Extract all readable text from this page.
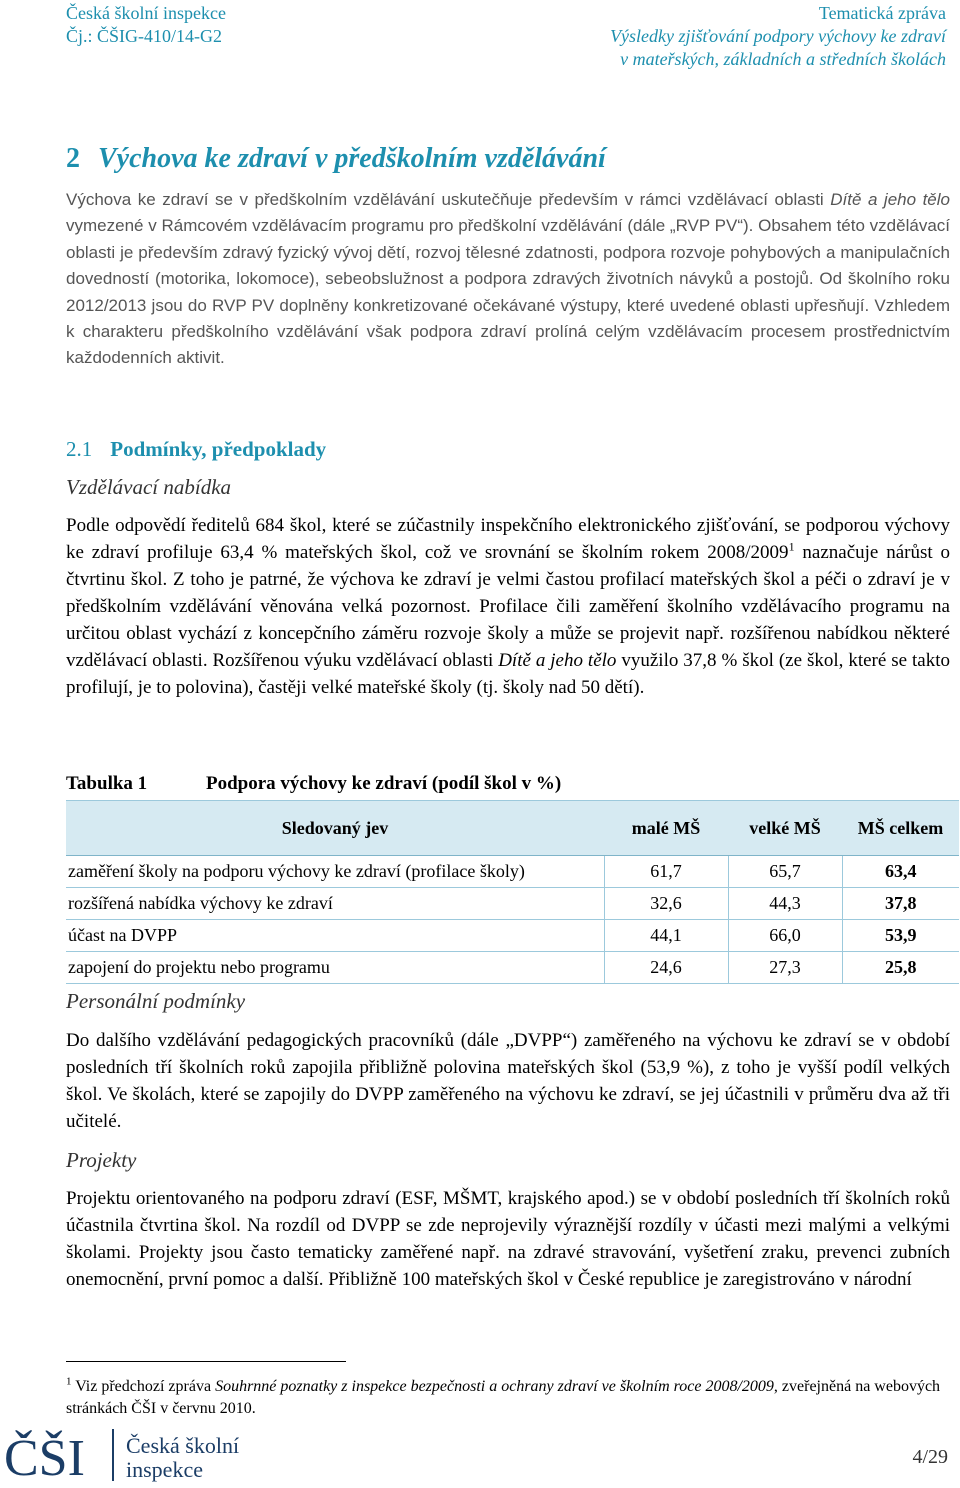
Česká školní inspekce
Čj.: ČŠIG-410/14-G2
Tematická zpráva
Výsledky zjišťování podpory výchovy ke zdraví
v mateřských, základních a středních školách
2 Výchova ke zdraví v předškolním vzdělávání
Výchova ke zdraví se v předškolním vzdělávání uskutečňuje především v rámci vzdělávací oblasti Dítě a jeho tělo vymezené v Rámcovém vzdělávacím programu pro předškolní vzdělávání (dále „RVP PV“). Obsahem této vzdělávací oblasti je především zdravý fyzický vývoj dětí, rozvoj tělesné zdatnosti, podpora rozvoje pohybových a manipulačních dovedností (motorika, lokomoce), sebeobslužnost a podpora zdravých životních návyků a postojů. Od školního roku 2012/2013 jsou do RVP PV doplněny konkretizované očekávané výstupy, které uvedené oblasti upřesňují. Vzhledem k charakteru předškolního vzdělávání však podpora zdraví prolíná celým vzdělávacím procesem prostřednictvím každodenních aktivit.
2.1 Podmínky, předpoklady
Vzdělávací nabídka
Podle odpovědí ředitelů 684 škol, které se zúčastnily inspekčního elektronického zjišťování, se podporou výchovy ke zdraví profiluje 63,4 % mateřských škol, což ve srovnání se školním rokem 2008/2009$^1$ naznačuje nárůst o čtvrtinu škol. Z toho je patrné, že výchova ke zdraví je velmi častou profilací mateřských škol a péči o zdraví je v předškolním vzdělávání věnována velká pozornost. Profilace čili zaměření školního vzdělávacího programu na určitou oblast vychází z koncepčního záměru rozvoje školy a může se projevit např. rozšířenou nabídkou některé vzdělávací oblasti. Rozšířenou výuku vzdělávací oblasti Dítě a jeho tělo využilo 37,8 % škol (ze škol, které se takto profilují, je to polovina), častěji velké mateřské školy (tj. školy nad 50 dětí).
Tabulka 1	Podpora výchovy ke zdraví (podíl škol v %)
Sledovaný jev	malé MŠ	velké MŠ	MŠ celkem
zaměření školy na podporu výchovy ke zdraví (profilace školy)	61,7	65,7	63,4
rozšířená nabídka výchovy ke zdraví	32,6	44,3	37,8
účast na DVPP	44,1	66,0	53,9
zapojení do projektu nebo programu	24,6	27,3	25,8
Personální podmínky
Do dalšího vzdělávání pedagogických pracovníků (dále „DVPP“) zaměřeného na výchovu ke zdraví se v období posledních tří školních roků zapojila přibližně polovina mateřských škol (53,9 %), z toho je vyšší podíl velkých škol. Ve školách, které se zapojily do DVPP zaměřeného na výchovu ke zdraví, se jej účastnili v průměru dva až tři učitelé.
Projekty
Projektu orientovaného na podporu zdraví (ESF, MŠMT, krajského apod.) se v období posledních tří školních roků účastnila čtvrtina škol. Na rozdíl od DVPP se zde neprojevily výraznější rozdíly v účasti mezi malými a velkými školami. Projekty jsou často tematicky zaměřené např. na zdravé stravování, vyšetření zraku, prevenci zubních onemocnění, první pomoc a další. Přibližně 100 mateřských škol v České republice je zaregistrováno v národní
$^1$ Viz předchozí zpráva Souhrnné poznatky z inspekce bezpečnosti a ochrany zdraví ve školním roce 2008/2009, zveřejněná na webových stránkách ČŠI v červnu 2010.
ČŠI Česká školní
inspekce	4/29
